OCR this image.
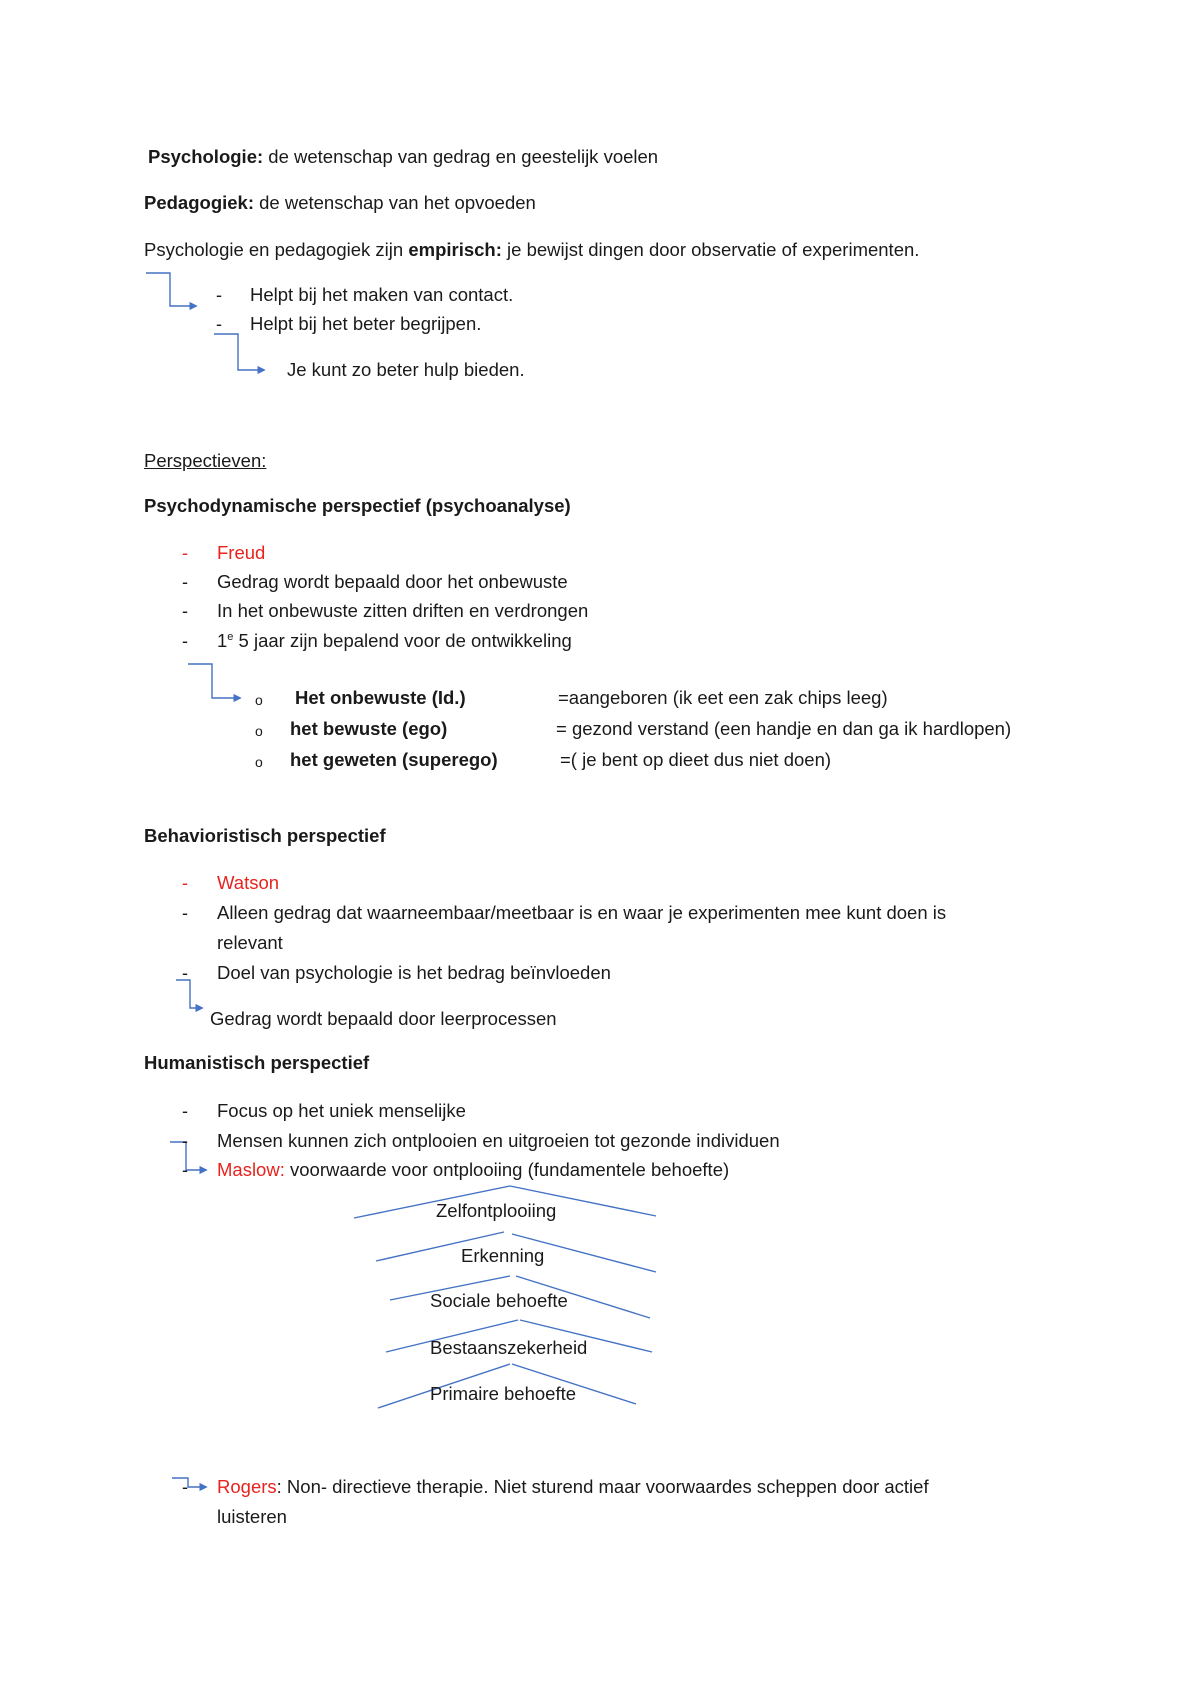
Psychologie: de wetenschap van gedrag en geestelijk voelen
Pedagogiek: de wetenschap van het opvoeden
Psychologie en pedagogiek zijn empirisch: je bewijst dingen door observatie of experimenten.
- Helpt bij het maken van contact.
- Helpt bij het beter begrijpen.
Je kunt zo beter hulp bieden.
Perspectieven:
Psychodynamische perspectief (psychoanalyse)
- Freud
- Gedrag wordt bepaald door het onbewuste
- In het onbewuste zitten driften en verdrongen
- 1e 5 jaar zijn bepalend voor de ontwikkeling
o Het onbewuste (Id.)	=aangeboren (ik eet een zak chips leeg)
o het bewuste (ego)	= gezond verstand (een handje en dan ga ik hardlopen)
o het geweten (superego)	=( je bent op dieet dus niet doen)
Behavioristisch perspectief
- Watson
- Alleen gedrag dat waarneembaar/meetbaar is en waar je experimenten mee kunt doen is
relevant
- Doel van psychologie is het bedrag beïnvloeden
Gedrag wordt bepaald door leerprocessen
Humanistisch perspectief
- Focus op het uniek menselijke
- Mensen kunnen zich ontplooien en uitgroeien tot gezonde individuen
- Maslow: voorwaarde voor ontplooiing (fundamentele behoefte)
Zelfontplooiing
Erkenning
Sociale behoefte
Bestaanszekerheid
Primaire behoefte
- Rogers: Non- directieve therapie. Niet sturend maar voorwaardes scheppen door actief
luisteren
